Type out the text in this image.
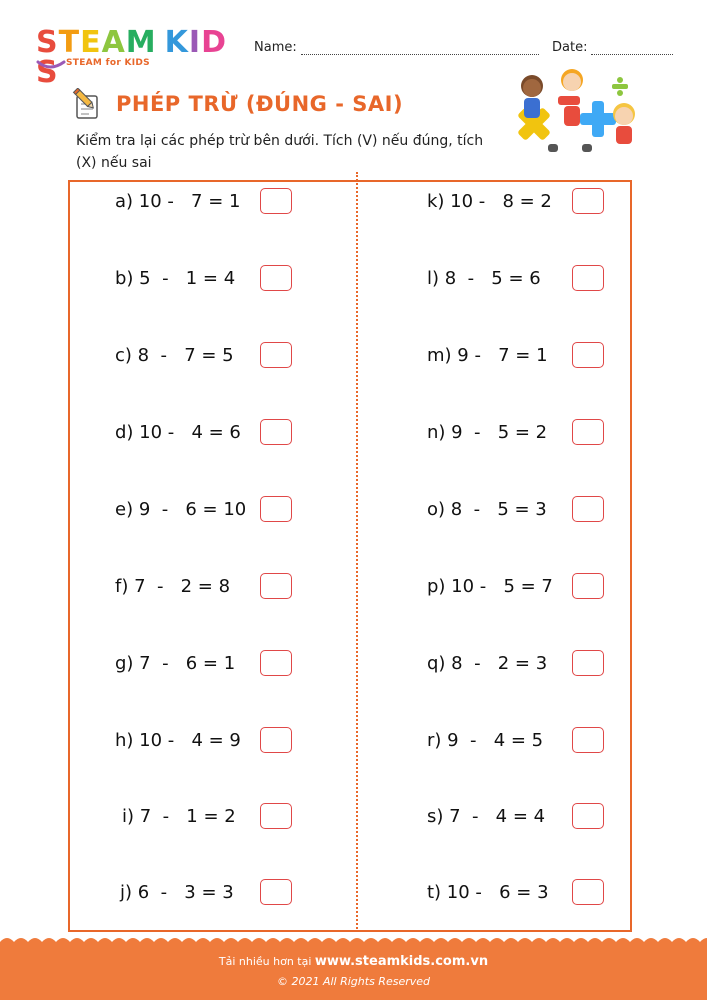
STEAM KIDS STEAM for KIDS
Name:	Date:
PHÉP TRỪ (ĐÚNG - SAI)
Kiểm tra lại các phép trừ bên dưới. Tích (V) nếu đúng, tích (X) nếu sai
a) 10 -   7 = 1
b) 5  -   1 = 4
c) 8  -   7 = 5
d) 10 -   4 = 6
e) 9  -   6 = 10
f) 7  -   2 = 8
g) 7  -   6 = 1
h) 10 -   4 = 9
i) 7  -   1 = 2
j) 6  -   3 = 3
k) 10 -   8 = 2
l) 8  -   5 = 6
m) 9 -   7 = 1
n) 9  -   5 = 2
o) 8  -   5 = 3
p) 10 -   5 = 7
q) 8  -   2 = 3
r) 9  -   4 = 5
s) 7  -   4 = 4
t) 10 -   6 = 3
Tải nhiều hơn tại www.steamkids.com.vn
© 2021 All Rights Reserved
